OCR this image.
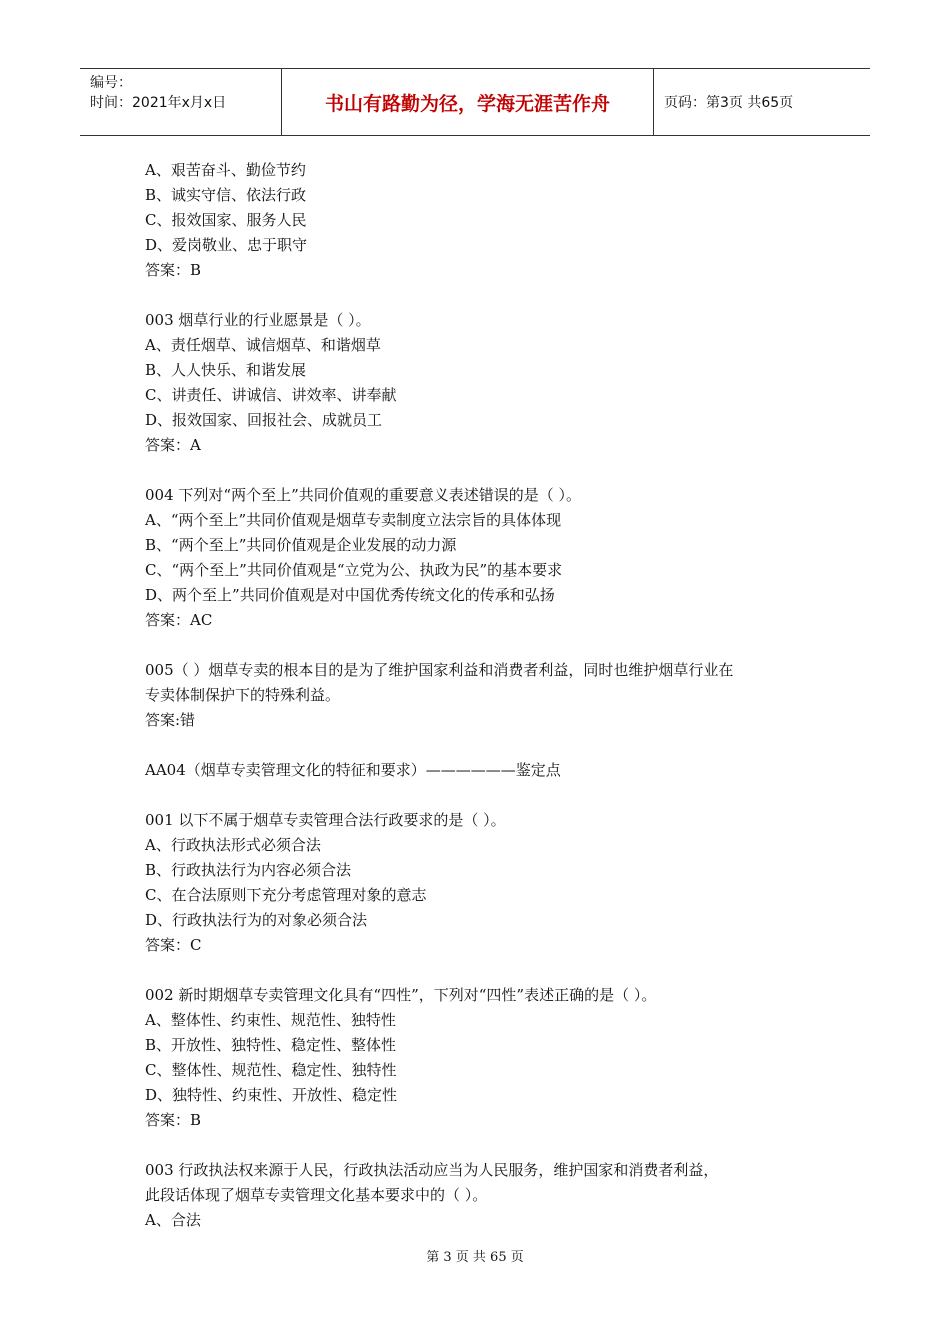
编号：
时间：2021年x月x日	书山有路勤为径，学海无涯苦作舟	页码：第3页 共65页
A、艰苦奋斗、勤俭节约
B、诚实守信、依法行政
C、报效国家、服务人民
D、爱岗敬业、忠于职守
答案：B
003 烟草行业的行业愿景是（ ）。
A、责任烟草、诚信烟草、和谐烟草
B、人人快乐、和谐发展
C、讲责任、讲诚信、讲效率、讲奉献
D、报效国家、回报社会、成就员工
答案：A
004 下列对“两个至上”共同价值观的重要意义表述错误的是（ ）。
A、“两个至上”共同价值观是烟草专卖制度立法宗旨的具体体现
B、“两个至上”共同价值观是企业发展的动力源
C、“两个至上”共同价值观是“立党为公、执政为民”的基本要求
D、两个至上”共同价值观是对中国优秀传统文化的传承和弘扬
答案：AC
005（ ）烟草专卖的根本目的是为了维护国家利益和消费者利益，同时也维护烟草行业在
专卖体制保护下的特殊利益。
答案:错
AA04（烟草专卖管理文化的特征和要求）——————鉴定点
001 以下不属于烟草专卖管理合法行政要求的是（ ）。
A、行政执法形式必须合法
B、行政执法行为内容必须合法
C、在合法原则下充分考虑管理对象的意志
D、行政执法行为的对象必须合法
答案：C
002 新时期烟草专卖管理文化具有“四性”，下列对“四性”表述正确的是（ ）。
A、整体性、约束性、规范性、独特性
B、开放性、独特性、稳定性、整体性
C、整体性、规范性、稳定性、独特性
D、独特性、约束性、开放性、稳定性
答案：B
003 行政执法权来源于人民，行政执法活动应当为人民服务，维护国家和消费者利益，
此段话体现了烟草专卖管理文化基本要求中的（ ）。
A、合法
第 3 页 共 65 页
